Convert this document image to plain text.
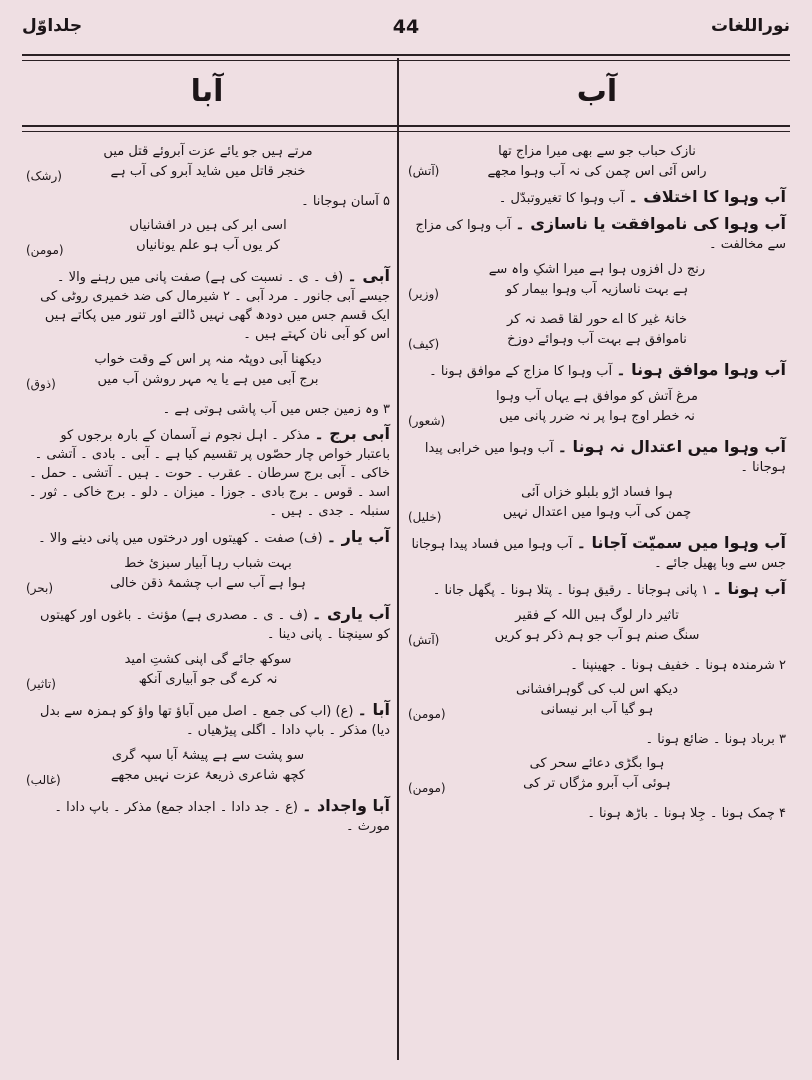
نوراللغات
44
جلداوّل
آب
آبا

نازک حباب جو سے بھی میرا مزاج تھا

راس آئی اس چمن کی نہ آب وہوا مجھے

(آتش)

آب وہوا کا اختلاف ۔ آب وہوا کا تغیروتبدّل ۔

آب وہوا کی ناموافقت یا ناسازی ۔ آب وہوا کی مزاج سے مخالفت ۔

رنج دل افزوں ہوا ہے میرا اشکِ واہ سے

ہے بہت ناسازیہ آب وہوا بیمار کو

(وزیر)

خانۂ غیر کا اے حور لقا قصد نہ کر

ناموافق ہے بہت آب وہوائے دوزخ

(کیف)

آب وہوا موافق ہونا ۔ آب وہوا کا مزاج کے موافق ہونا ۔

مرغ آتش کو موافق ہے یہاں آب وہوا

نہ خطر اوج ہوا پر نہ ضرر پانی میں

(شعور)

آب وہوا میں اعتدال نہ ہونا ۔ آب وہوا میں خرابی پیدا ہوجانا ۔

ہوا فساد اڑو بلبلو خزاں آئی

چمن کی آب وہوا میں اعتدال نہیں

(خلیل)

آب وہوا میں سمیّت آجانا ۔ آب وہوا میں فساد پیدا ہوجانا جس سے وبا پھیل جائے ۔

آب ہونا ۔ ۱ پانی ہوجانا ۔ رقیق ہونا ۔ پتلا ہونا ۔ پگھل جانا ۔

تاثیر دار لوگ ہیں اللہ کے فقیر

سنگ صنم ہو آب جو ہم ذکر ہو کریں

(آتش)

۲ شرمندہ ہونا ۔ خفیف ہونا ۔ جھینپنا ۔

دیکھ اس لب کی گوہرافشانی

ہو گیا آب ابر نیسانی

(مومن)

۳ برباد ہونا ۔ ضائع ہونا ۔

ہوا بگڑی دعائے سحر کی

ہوئی آب آبرو مژگاں تر کی

(مومن)

۴ چمک ہونا ۔ جِلا ہونا ۔ باڑھ ہونا ۔

مرتے ہیں جو یائے عزت آبروئے قتل میں

خنجر قاتل میں شاید آبرو کی آب ہے

(رشک)

۵ آسان ہوجانا ۔

اسی ابر کی ہیں در افشانیاں

کر یوں آب ہو علم یونانیاں

(مومن)

آبی ۔ (ف ۔ ی ۔ نسبت کی ہے) صفت پانی میں رہنے والا ۔ جیسے آبی جانور ۔ مرد آبی ۔ ۲ شیرمال کی ضد خمیری روٹی کی ایک قسم جس میں دودھ گھی نہیں ڈالتے اور تنور میں پکاتے ہیں اس کو آبی نان کہتے ہیں ۔

دیکھنا آبی دوپٹہ منہ پر اس کے وقت خواب

برج آبی میں ہے یا یہ مہر روشن آب میں

(ذوق)

۳ وہ زمین جس میں آب پاشی ہوتی ہے ۔

آبی برج ۔ مذکر ۔ اہل نجوم نے آسمان کے بارہ برجوں کو باعتبار خواص چار حصّوں پر تقسیم کیا ہے ۔ آبی ۔ بادی ۔ آتشی ۔ خاکی ۔ آبی برج سرطان ۔ عقرب ۔ حوت ۔ ہیں ۔ آتشی ۔ حمل ۔ اسد ۔ قوس ۔ برج بادی ۔ جوزا ۔ میزان ۔ دلو ۔ برج خاکی ۔ ثور ۔ سنبلہ ۔ جدی ۔ ہیں ۔

آب یار ۔ (ف) صفت ۔ کھیتوں اور درختوں میں پانی دینے والا ۔

بہت شباب رہا آبیار سبزئ خط

ہوا ہے آب سے اب چشمۂ ذقن خالی

(بحر)

آب یاری ۔ (ف ۔ ی ۔ مصدری ہے) مؤنث ۔ باغوں اور کھیتوں کو سینچنا ۔ پانی دینا ۔

سوکھ جائے گی اپنی کشتِ امید

نہ کرے گی جو آبیاری آنکھ

(تاثیر)

آبا ۔ (ع) (اب کی جمع ۔ اصل میں آباؤ تھا واؤ کو ہمزہ سے بدل دیا) مذکر ۔ باپ دادا ۔ اگلی پیڑھیاں ۔

سو پشت سے ہے پیشۂ آبا سپہ گری

کچھ شاعری ذریعۂ عزت نہیں مجھے

(غالب)

آبا واجداد ۔ (ع ۔ جد دادا ۔ اجداد جمع) مذکر ۔ باپ دادا ۔ مورث ۔
